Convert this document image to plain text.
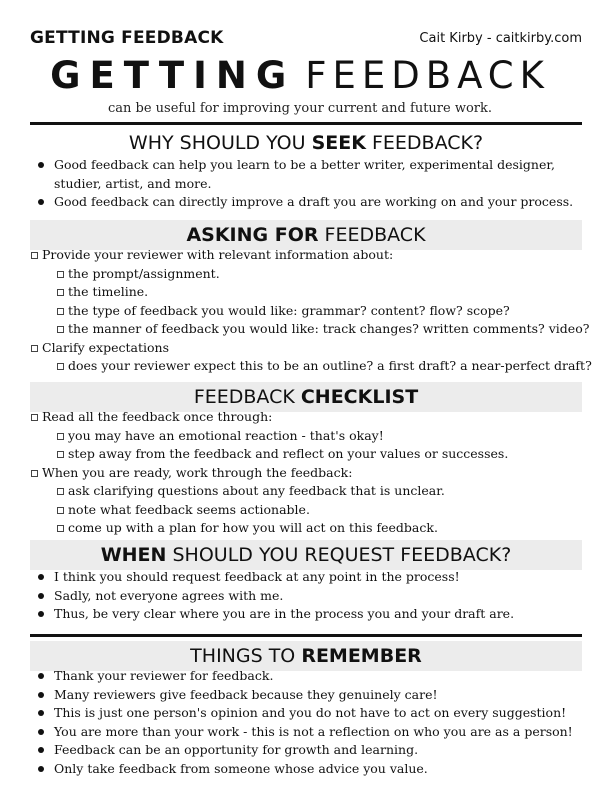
GETTING FEEDBACK	Cait Kirby - caitkirby.com
GETTING FEEDBACK
can be useful for improving your current and future work.
WHY SHOULD YOU SEEK FEEDBACK?
Good feedback can help you learn to be a better writer, experimental designer, studier, artist, and more.
Good feedback can directly improve a draft you are working on and your process.
ASKING FOR FEEDBACK
Provide your reviewer with relevant information about:
the prompt/assignment.
the timeline.
the type of feedback you would like: grammar? content? flow? scope?
the manner of feedback you would like: track changes? written comments? video?
Clarify expectations
does your reviewer expect this to be an outline? a first draft? a near-perfect draft?
FEEDBACK CHECKLIST
Read all the feedback once through:
you may have an emotional reaction - that's okay!
step away from the feedback and reflect on your values or successes.
When you are ready, work through the feedback:
ask clarifying questions about any feedback that is unclear.
note what feedback seems actionable.
come up with a plan for how you will act on this feedback.
WHEN SHOULD YOU REQUEST FEEDBACK?
I think you should request feedback at any point in the process!
Sadly, not everyone agrees with me.
Thus, be very clear where you are in the process you and your draft are.
THINGS TO REMEMBER
Thank your reviewer for feedback.
Many reviewers give feedback because they genuinely care!
This is just one person's opinion and you do not have to act on every suggestion!
You are more than your work - this is not a reflection on who you are as a person!
Feedback can be an opportunity for growth and learning.
Only take feedback from someone whose advice you value.
